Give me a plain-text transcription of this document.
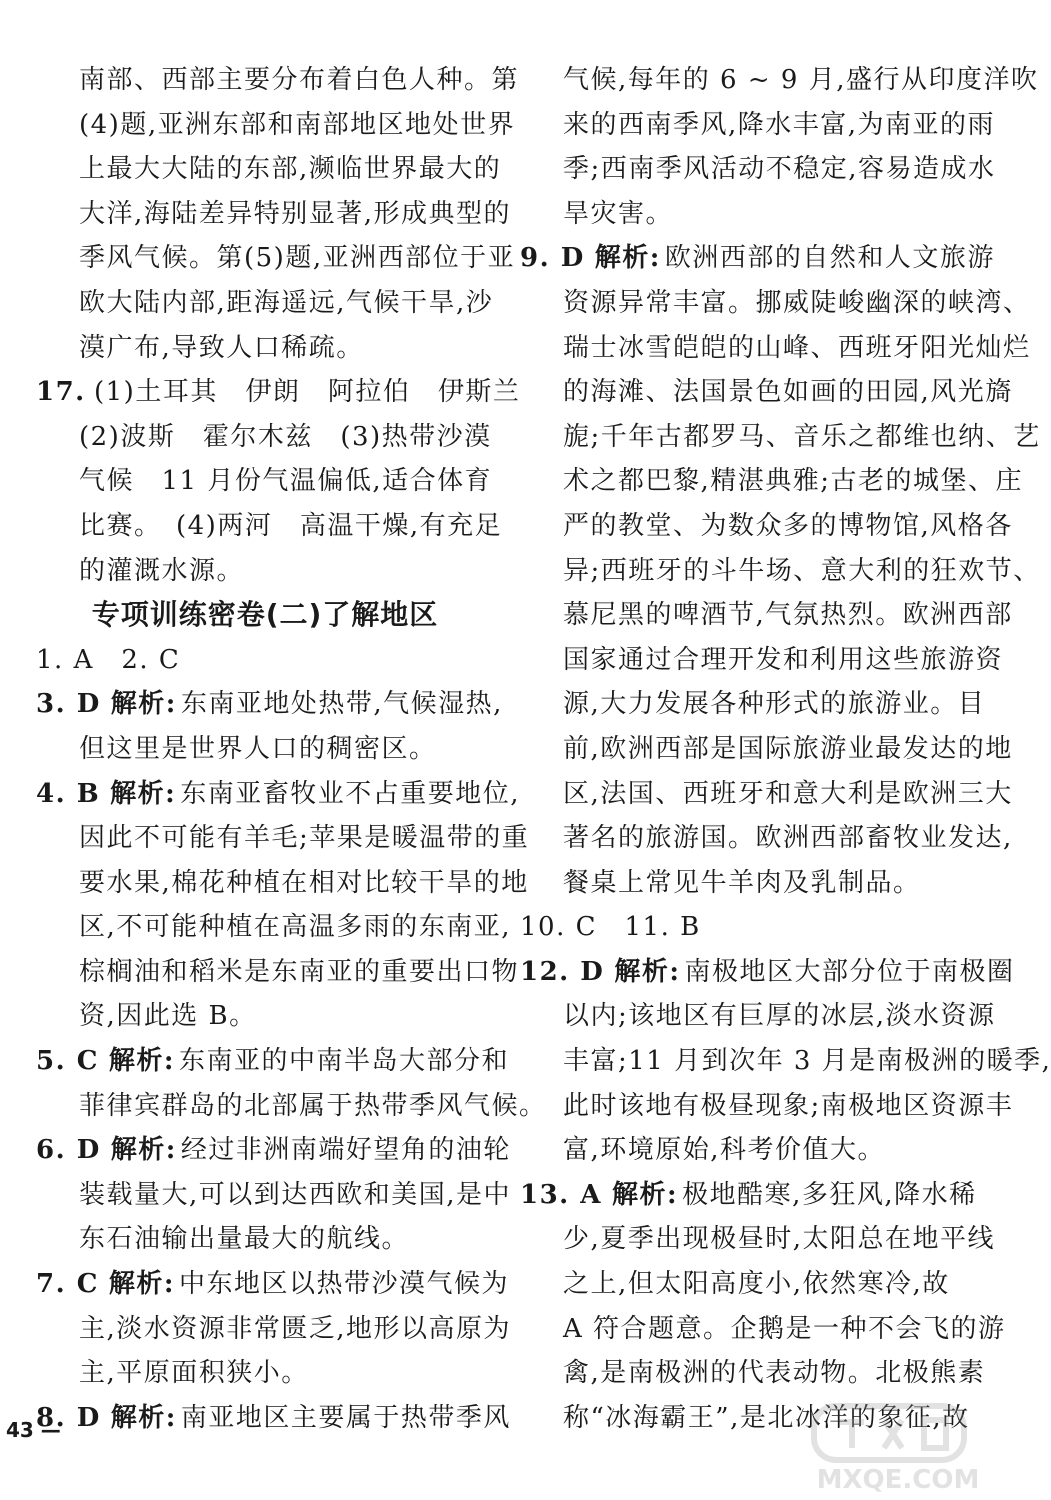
南部、西部主要分布着白色人种。第
(4)题,亚洲东部和南部地区地处世界
上最大大陆的东部,濒临世界最大的
大洋,海陆差异特别显著,形成典型的
季风气候。第(5)题,亚洲西部位于亚
欧大陆内部,距海遥远,气候干旱,沙
漠广布,导致人口稀疏。
17. (1)土耳其　伊朗　阿拉伯　伊斯兰
(2)波斯　霍尔木兹　(3)热带沙漠
气候　11 月份气温偏低,适合体育
比赛。　(4)两河　高温干燥,有充足
的灌溉水源。
专项训练密卷(二)了解地区
1. A　2. C
3. D 解析: 东南亚地处热带,气候湿热,
但这里是世界人口的稠密区。
4. B 解析: 东南亚畜牧业不占重要地位,
因此不可能有羊毛;苹果是暖温带的重
要水果,棉花种植在相对比较干旱的地
区,不可能种植在高温多雨的东南亚,
棕榈油和稻米是东南亚的重要出口物
资,因此选 B。
5. C 解析: 东南亚的中南半岛大部分和
菲律宾群岛的北部属于热带季风气候。
6. D 解析: 经过非洲南端好望角的油轮
装载量大,可以到达西欧和美国,是中
东石油输出量最大的航线。
7. C 解析: 中东地区以热带沙漠气候为
主,淡水资源非常匮乏,地形以高原为
主,平原面积狭小。
8. D 解析: 南亚地区主要属于热带季风
气候,每年的 6 ~ 9 月,盛行从印度洋吹
来的西南季风,降水丰富,为南亚的雨
季;西南季风活动不稳定,容易造成水
旱灾害。
9. D 解析: 欧洲西部的自然和人文旅游
资源异常丰富。挪威陡峻幽深的峡湾、
瑞士冰雪皑皑的山峰、西班牙阳光灿烂
的海滩、法国景色如画的田园,风光旖
旎;千年古都罗马、音乐之都维也纳、艺
术之都巴黎,精湛典雅;古老的城堡、庄
严的教堂、为数众多的博物馆,风格各
异;西班牙的斗牛场、意大利的狂欢节、
慕尼黑的啤酒节,气氛热烈。欧洲西部
国家通过合理开发和利用这些旅游资
源,大力发展各种形式的旅游业。目
前,欧洲西部是国际旅游业最发达的地
区,法国、西班牙和意大利是欧洲三大
著名的旅游国。欧洲西部畜牧业发达,
餐桌上常见牛羊肉及乳制品。
10. C　11. B
12. D 解析: 南极地区大部分位于南极圈
以内;该地区有巨厚的冰层,淡水资源
丰富;11 月到次年 3 月是南极洲的暖季,
此时该地有极昼现象;南极地区资源丰
富,环境原始,科考价值大。
13. A 解析: 极地酷寒,多狂风,降水稀
少,夏季出现极昼时,太阳总在地平线
之上,但太阳高度小,依然寒冷,故
A 符合题意。企鹅是一种不会飞的游
禽,是南极洲的代表动物。北极熊素
称“冰海霸王”,是北冰洋的象征,故
43 —
MXQE.COM
